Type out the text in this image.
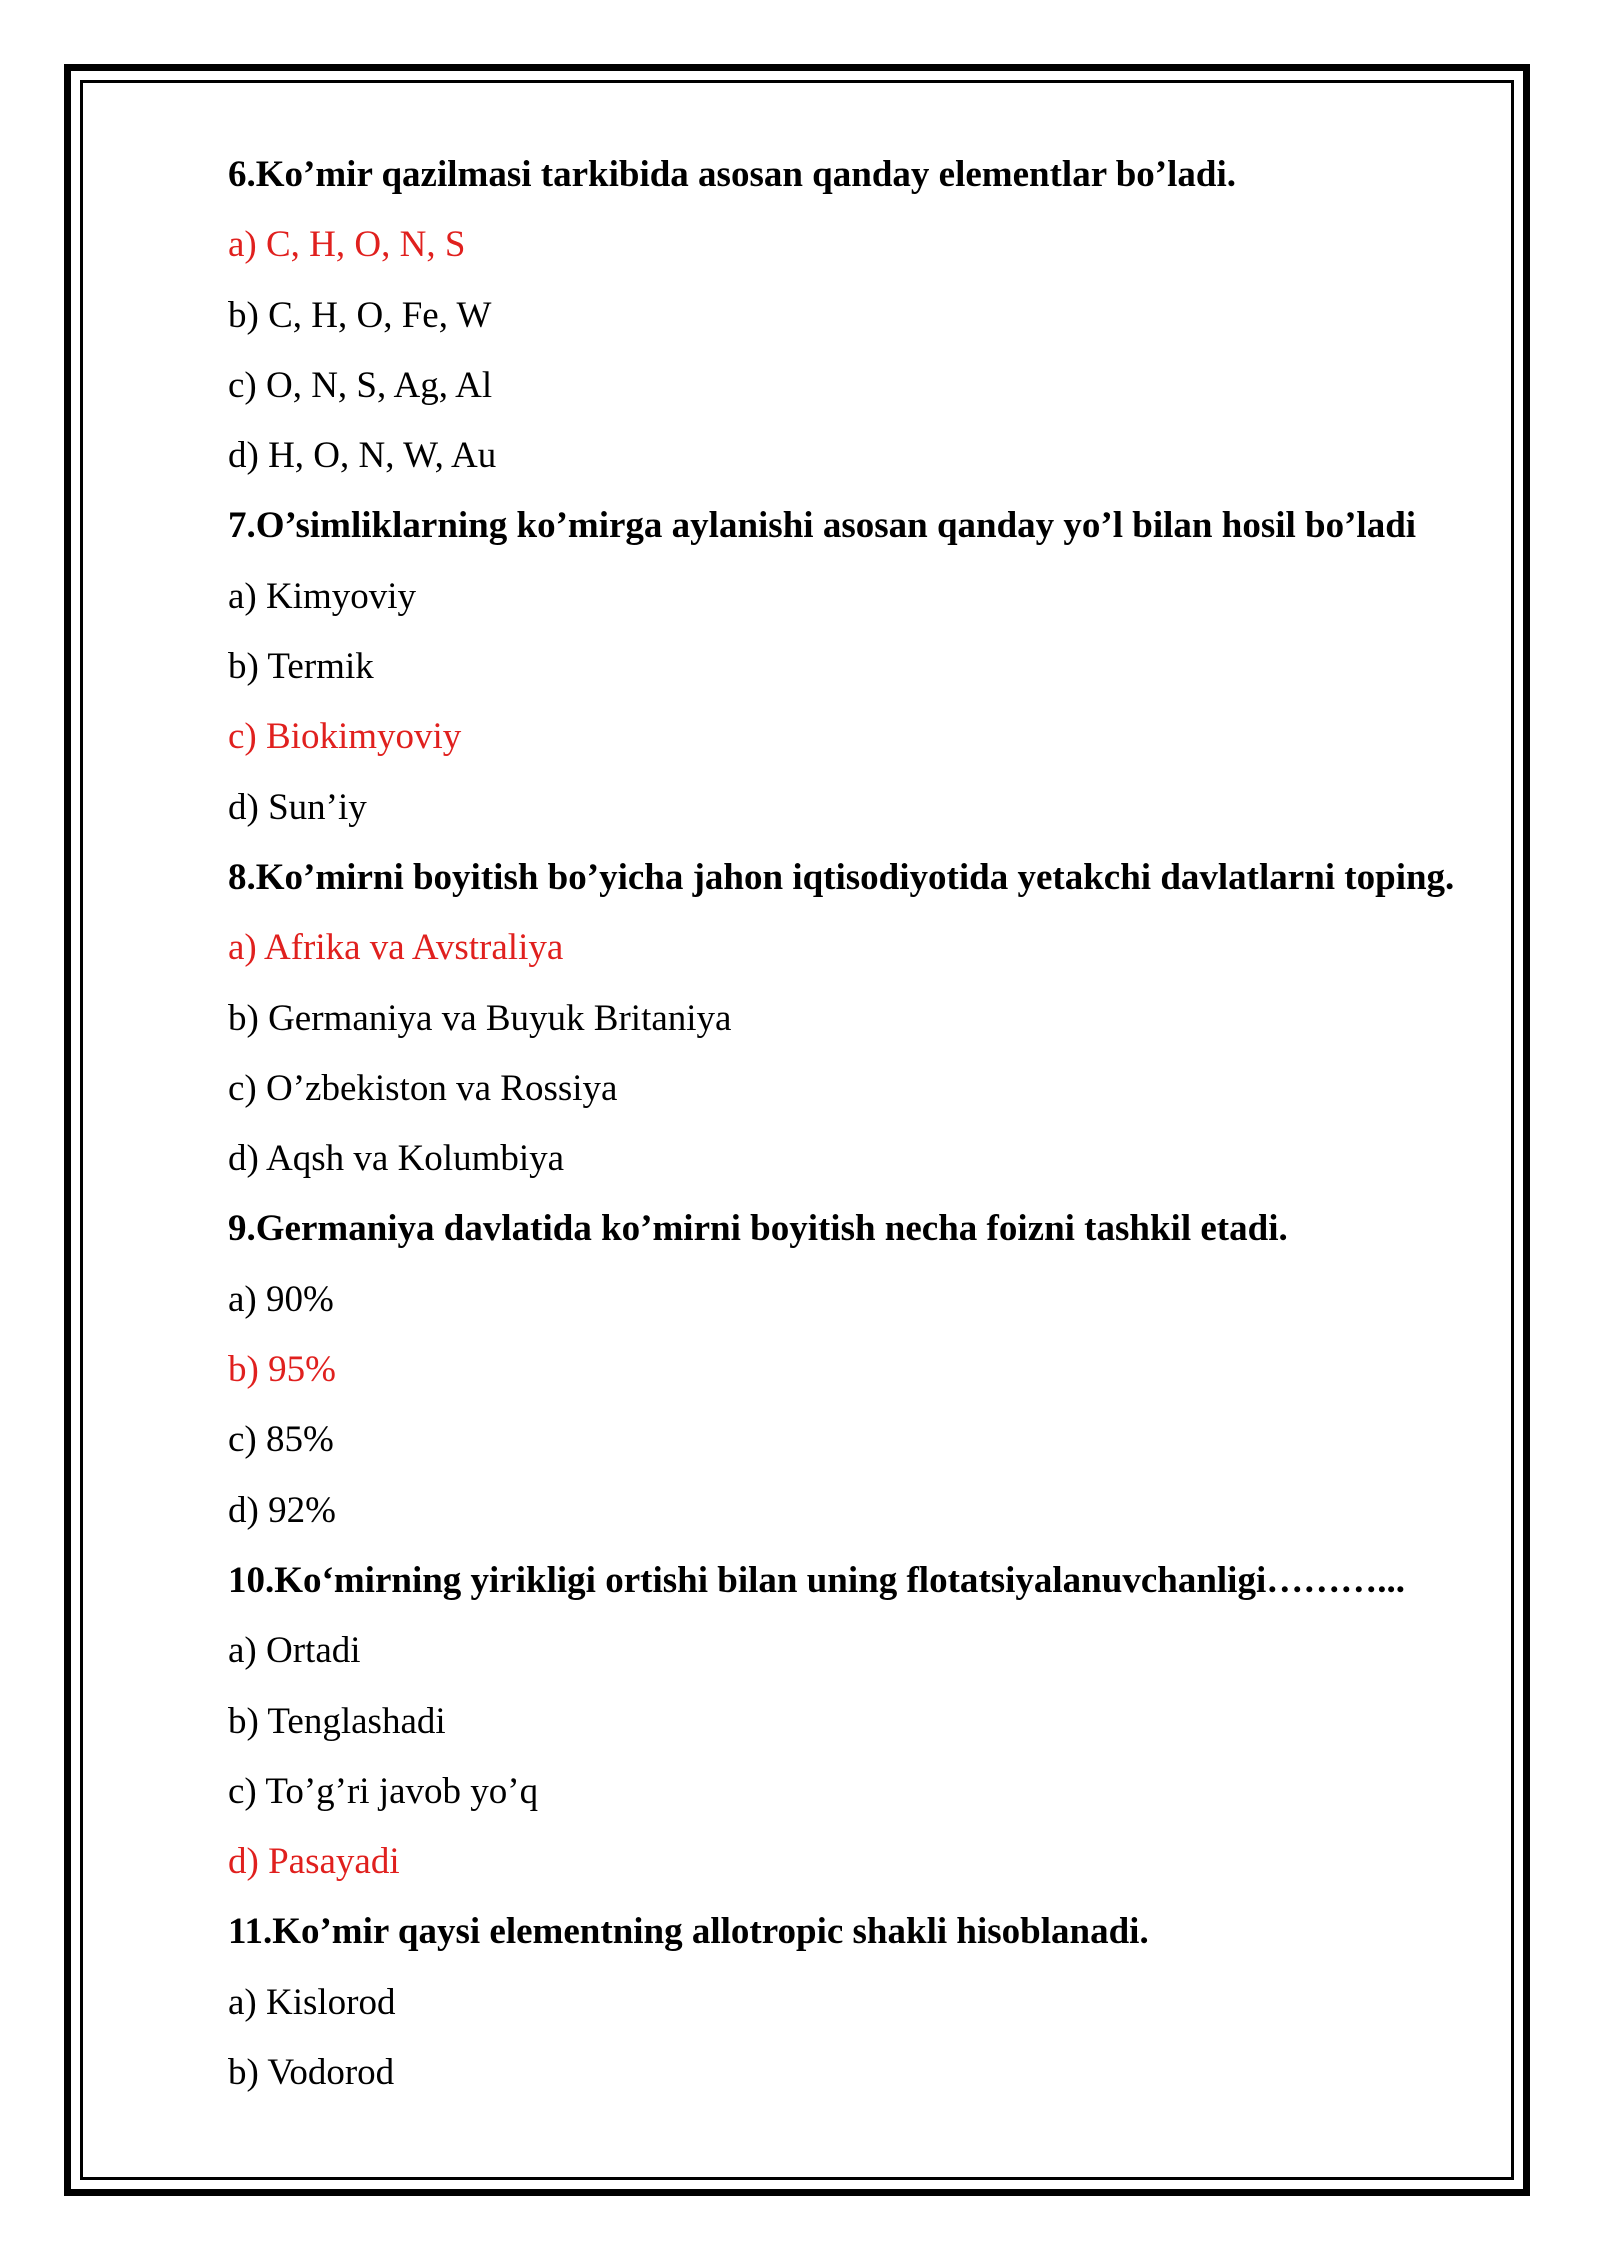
6.Ko’mir qazilmasi tarkibida asosan qanday elementlar bo’ladi.
a) C, H, O, N, S
b) C, H, O, Fe, W
c) O, N, S, Ag, Al
d) H, O, N, W, Au
7.O’simliklarning ko’mirga aylanishi asosan qanday yo’l bilan hosil bo’ladi
a) Kimyoviy
b) Termik
c) Biokimyoviy
d) Sun’iy
8.Ko’mirni boyitish bo’yicha jahon iqtisodiyotida yetakchi davlatlarni toping.
a) Afrika va Avstraliya
b) Germaniya va Buyuk Britaniya
c) O’zbekiston va Rossiya
d) Aqsh va Kolumbiya
9.Germaniya davlatida ko’mirni boyitish necha foizni tashkil etadi.
a) 90%
b) 95%
c) 85%
d) 92%
10.Ko‘mirning yirikligi ortishi bilan uning flotatsiyalanuvchanligi………...
a) Ortadi
b) Tenglashadi
c) To’g’ri javob yo’q
d) Pasayadi
11.Ko’mir qaysi elementning allotropic shakli hisoblanadi.
a) Kislorod
b) Vodorod
